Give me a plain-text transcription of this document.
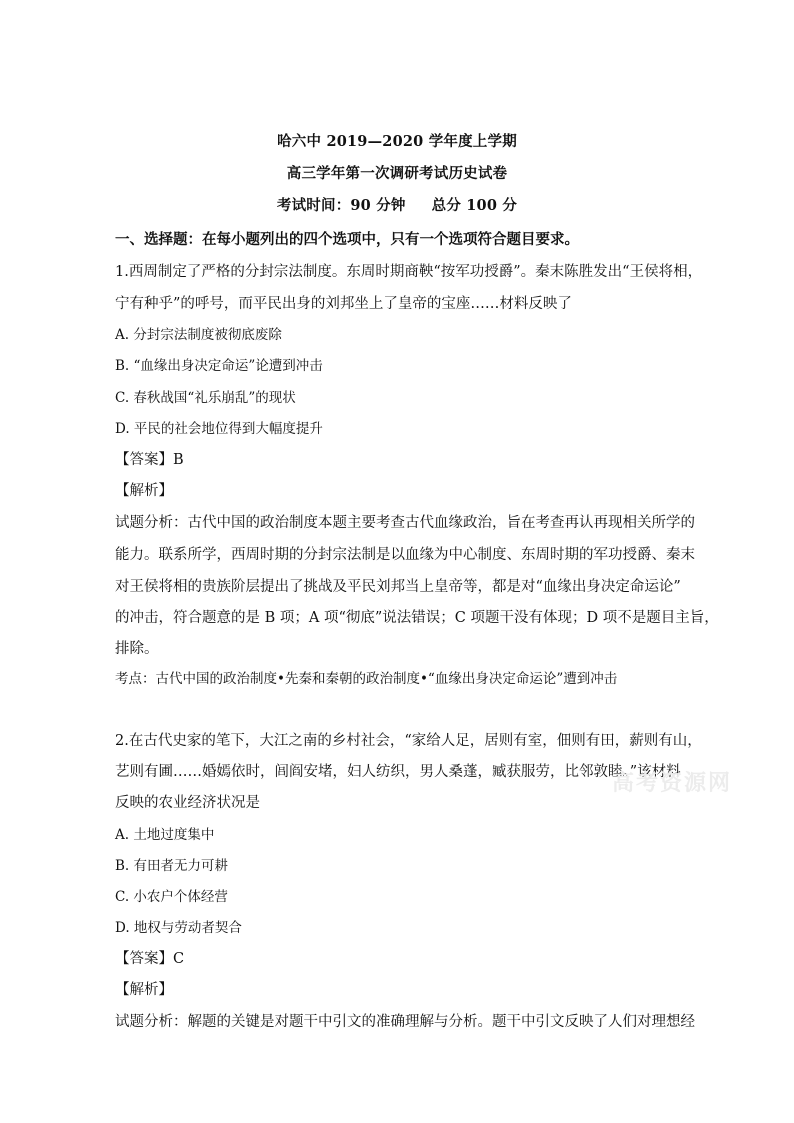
哈六中 2019—2020 学年度上学期
高三学年第一次调研考试历史试卷
考试时间：90 分钟 总分 100 分
一、选择题：在每小题列出的四个选项中，只有一个选项符合题目要求。
1.西周制定了严格的分封宗法制度。东周时期商鞅“按军功授爵”。秦末陈胜发出“王侯将相，
宁有种乎”的呼号，而平民出身的刘邦坐上了皇帝的宝座……材料反映了
A. 分封宗法制度被彻底废除
B. “血缘出身决定命运”论遭到冲击
C. 春秋战国“礼乐崩乱”的现状
D. 平民的社会地位得到大幅度提升
【答案】B
【解析】
试题分析：古代中国的政治制度本题主要考查古代血缘政治，旨在考查再认再现相关所学的
能力。联系所学，西周时期的分封宗法制是以血缘为中心制度、东周时期的军功授爵、秦末
对王侯将相的贵族阶层提出了挑战及平民刘邦当上皇帝等，都是对“血缘出身决定命运论”
的冲击，符合题意的是 B 项；A 项“彻底”说法错误；C 项题干没有体现；D 项不是题目主旨，
排除。
考点：古代中国的政治制度•先秦和秦朝的政治制度•“血缘出身决定命运论”遭到冲击
2.在古代史家的笔下，大江之南的乡村社会，“家给人足，居则有室，佃则有田，薪则有山，
艺则有圃……婚嫣依时，闾阎安堵，妇人纺织，男人桑蓬，臧获服劳，比邻敦睦。”该材料
反映的农业经济状况是
A. 土地过度集中
B. 有田者无力可耕
C. 小农户个体经营
D. 地权与劳动者契合
【答案】C
【解析】
试题分析：解题的关键是对题干中引文的准确理解与分析。题干中引文反映了人们对理想经
高考资源网
